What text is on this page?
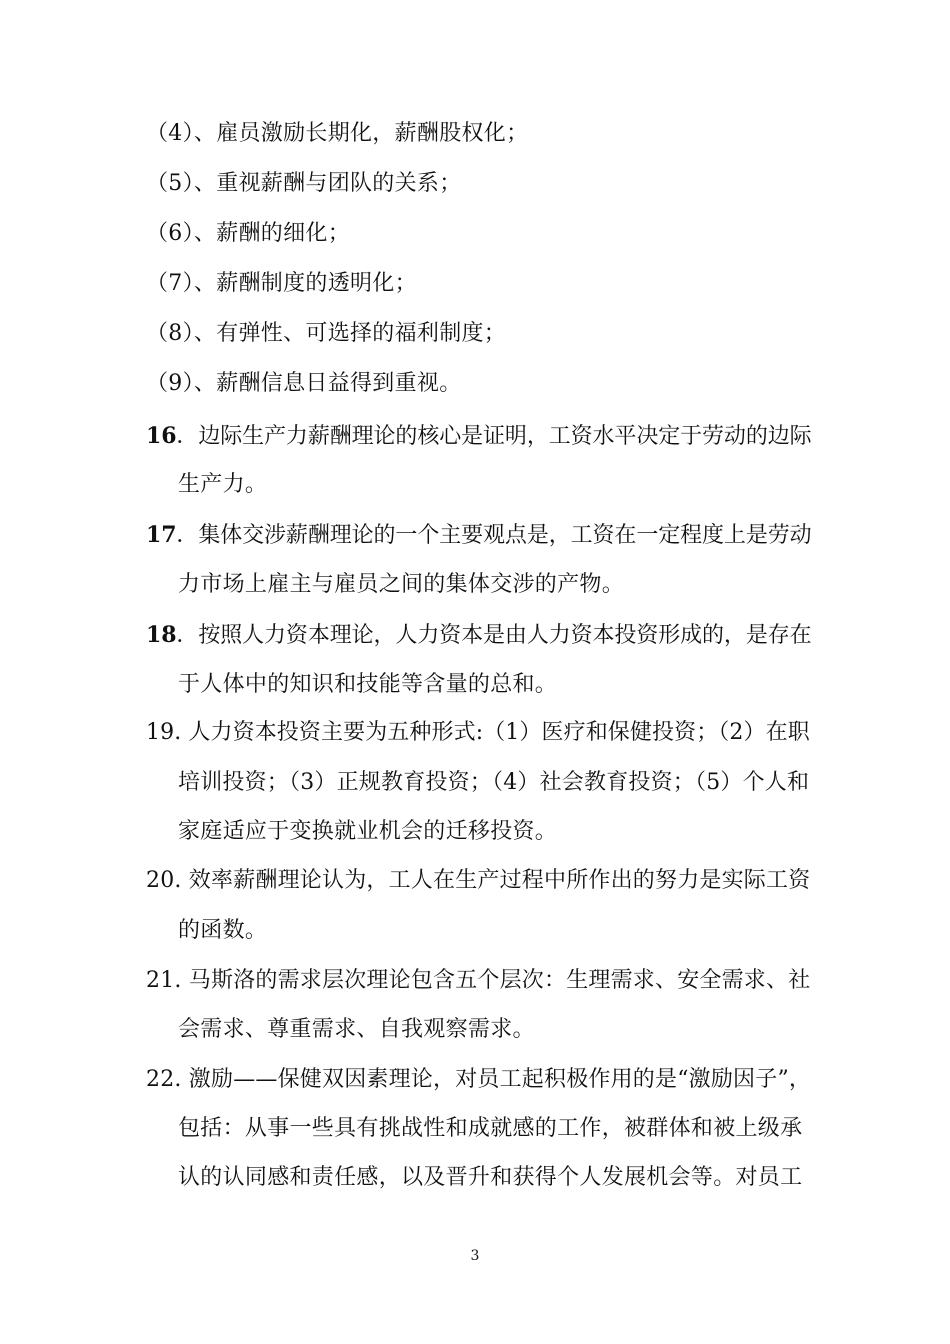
（4）、雇员激励长期化，薪酬股权化；
（5）、重视薪酬与团队的关系；
（6）、薪酬的细化；
（7）、薪酬制度的透明化；
（8）、有弹性、可选择的福利制度；
（9）、薪酬信息日益得到重视。
16．边际生产力薪酬理论的核心是证明，工资水平决定于劳动的边际
生产力。
17．集体交涉薪酬理论的一个主要观点是，工资在一定程度上是劳动
力市场上雇主与雇员之间的集体交涉的产物。
18．按照人力资本理论，人力资本是由人力资本投资形成的，是存在
于人体中的知识和技能等含量的总和。
19. 人力资本投资主要为五种形式:（1）医疗和保健投资；（2）在职
培训投资；（3）正规教育投资；（4）社会教育投资；（5）个人和
家庭适应于变换就业机会的迁移投资。
20. 效率薪酬理论认为，工人在生产过程中所作出的努力是实际工资
的函数。
21. 马斯洛的需求层次理论包含五个层次：生理需求、安全需求、社
会需求、尊重需求、自我观察需求。
22. 激励——保健双因素理论，对员工起积极作用的是“激励因子”，
包括：从事一些具有挑战性和成就感的工作，被群体和被上级承
认的认同感和责任感，以及晋升和获得个人发展机会等。对员工
3
